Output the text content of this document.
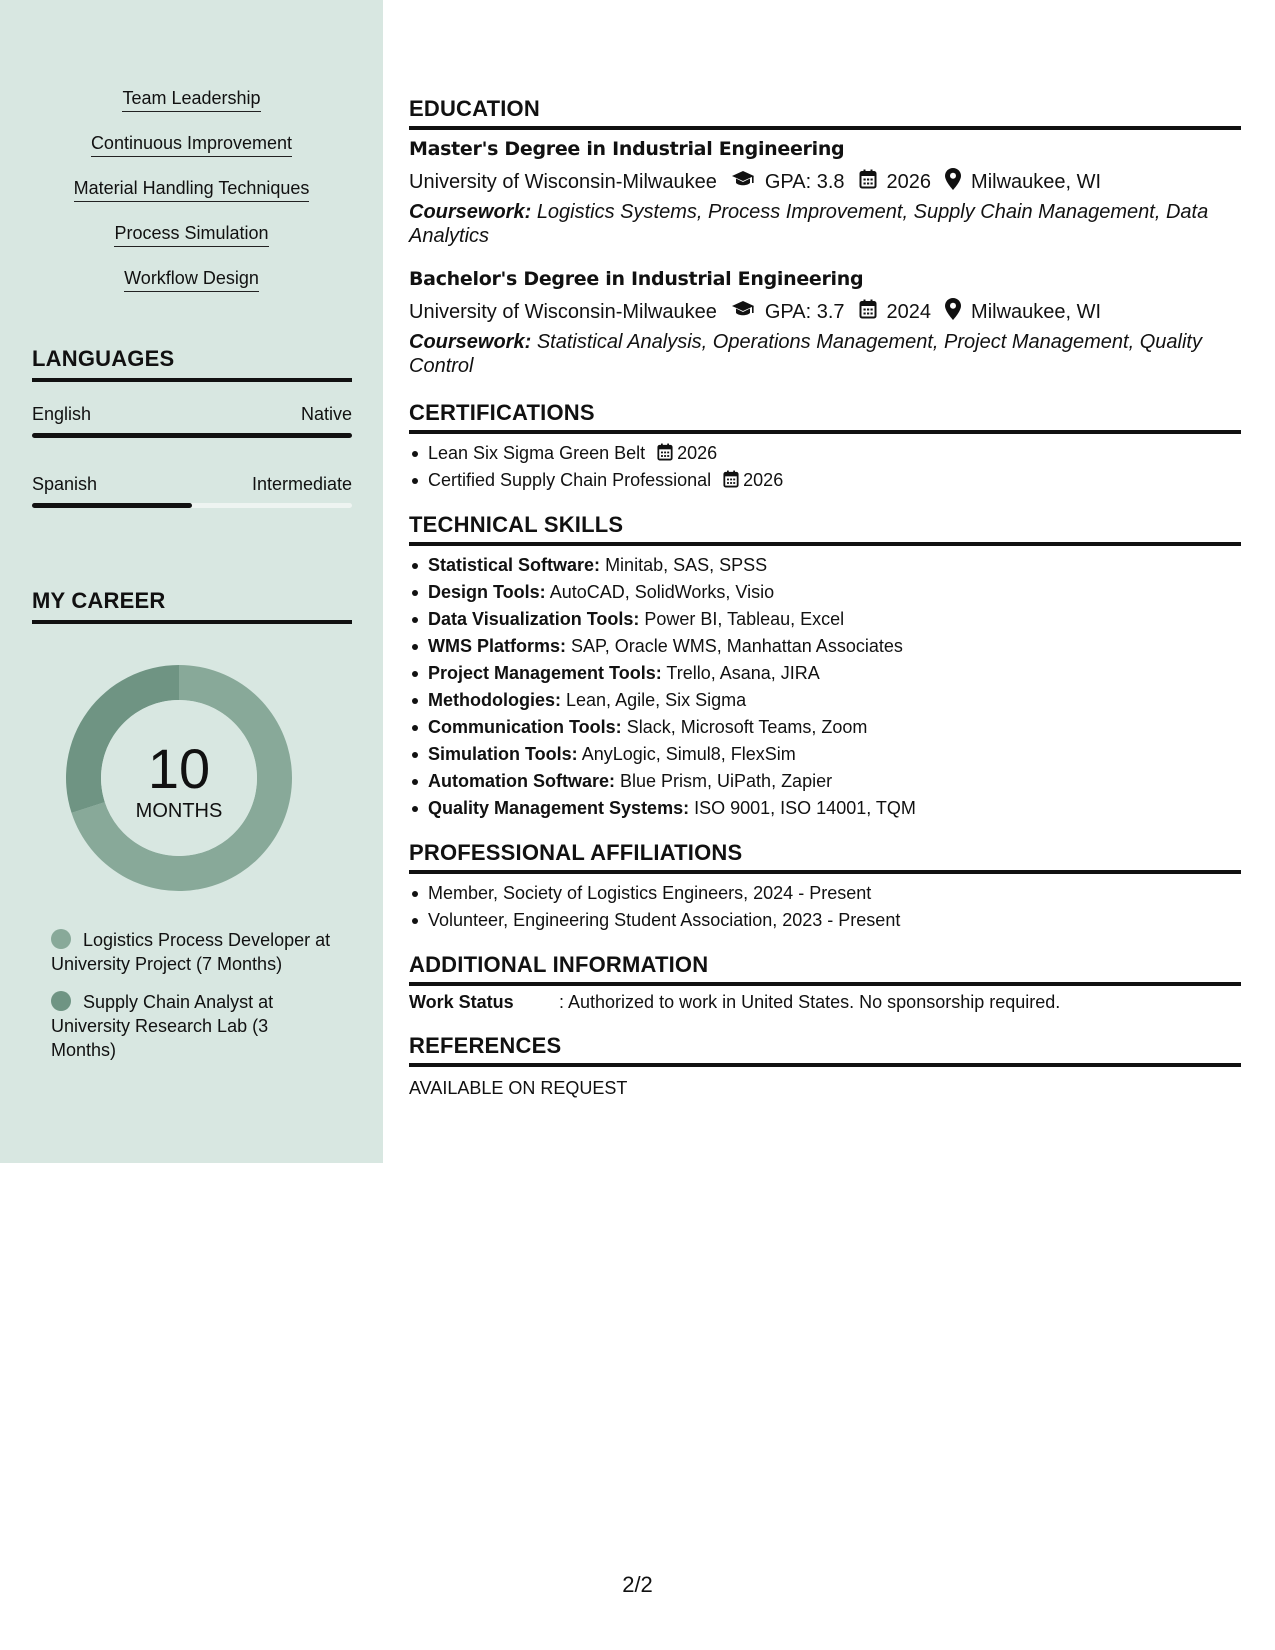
Team Leadership
Continuous Improvement
Material Handling Techniques
Process Simulation
Workflow Design
LANGUAGES
English	Native
Spanish	Intermediate
MY CAREER
10
MONTHS
Logistics Process Developer at University Project (7 Months)
Supply Chain Analyst at University Research Lab (3 Months)
EDUCATION
Master's Degree in Industrial Engineering
University of Wisconsin-Milwaukee GPA: 3.8 2026 Milwaukee, WI
Coursework: Logistics Systems, Process Improvement, Supply Chain Management, Data Analytics
Bachelor's Degree in Industrial Engineering
University of Wisconsin-Milwaukee GPA: 3.7 2024 Milwaukee, WI
Coursework: Statistical Analysis, Operations Management, Project Management, Quality Control
CERTIFICATIONS
Lean Six Sigma Green Belt 2026
Certified Supply Chain Professional 2026
TECHNICAL SKILLS
Statistical Software: Minitab, SAS, SPSS
Design Tools: AutoCAD, SolidWorks, Visio
Data Visualization Tools: Power BI, Tableau, Excel
WMS Platforms: SAP, Oracle WMS, Manhattan Associates
Project Management Tools: Trello, Asana, JIRA
Methodologies: Lean, Agile, Six Sigma
Communication Tools: Slack, Microsoft Teams, Zoom
Simulation Tools: AnyLogic, Simul8, FlexSim
Automation Software: Blue Prism, UiPath, Zapier
Quality Management Systems: ISO 9001, ISO 14001, TQM
PROFESSIONAL AFFILIATIONS
Member, Society of Logistics Engineers, 2024 - Present
Volunteer, Engineering Student Association, 2023 - Present
ADDITIONAL INFORMATION
Work Status	: Authorized to work in United States. No sponsorship required.
REFERENCES
AVAILABLE ON REQUEST
2/2
